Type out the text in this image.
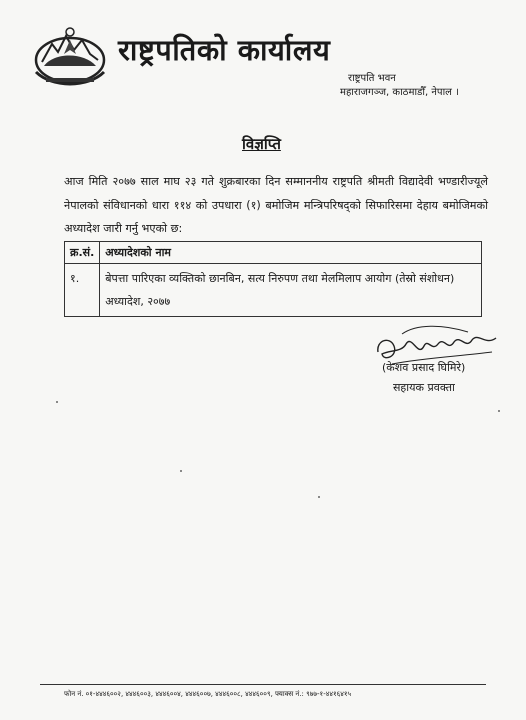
राष्ट्रपतिको कार्यालय
राष्ट्रपति भवन
महाराजगञ्ज, काठमाडौँ, नेपाल ।
विज्ञप्ति
आज मिति २०७७ साल माघ २३ गते शुक्रबारका दिन सम्माननीय राष्ट्रपति श्रीमती विद्यादेवी भण्डारीज्यूले नेपालको संविधानको धारा ११४ को उपधारा (१) बमोजिम मन्त्रिपरिषद्को सिफारिसमा देहाय बमोजिमको अध्यादेश जारी गर्नु भएको छ:
क्र.सं.	अध्यादेशको नाम
१.	बेपत्ता पारिएका व्यक्तिको छानबिन, सत्य निरुपण तथा मेलमिलाप आयोग (तेस्रो संशोधन) अध्यादेश, २०७७
(केशव प्रसाद घिमिरे)
सहायक प्रवक्ता
फोन नं. ०१-४४४६००२, ४४४६००३, ४४४६००४, ४४४६००७, ४४४६००८, ४४४६००९, फ्याक्स नं.: ९७७-१-४४१६४१५
